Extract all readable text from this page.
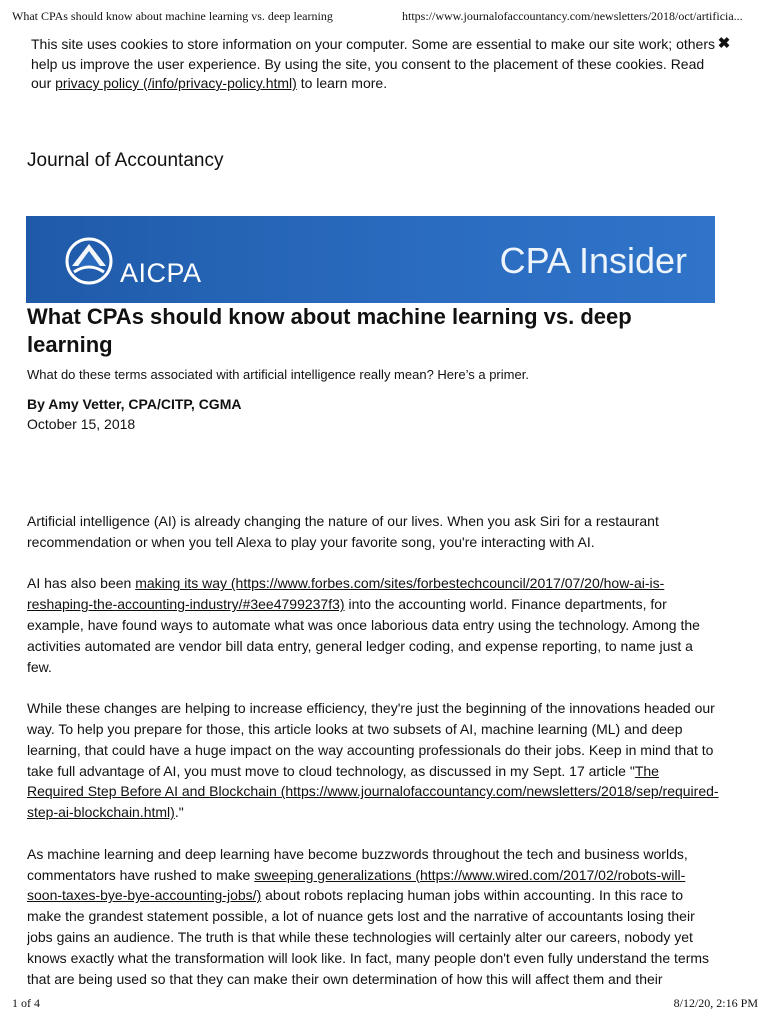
What CPAs should know about machine learning vs. deep learning	https://www.journalofaccountancy.com/newsletters/2018/oct/artificia...
This site uses cookies to store information on your computer. Some are essential to make our site work; others help us improve the user experience. By using the site, you consent to the placement of these cookies. Read our privacy policy (/info/privacy-policy.html) to learn more.
✖
Journal of Accountancy
AICPA	CPA Insider
What CPAs should know about machine learning vs. deep learning
What do these terms associated with artificial intelligence really mean? Here’s a primer.
By Amy Vetter, CPA/CITP, CGMA
October 15, 2018

Artificial intelligence (AI) is already changing the nature of our lives. When you ask Siri for a restaurant recommendation or when you tell Alexa to play your favorite song, you're interacting with AI.

AI has also been making its way (https://www.forbes.com/sites/forbestechcouncil/2017/07/20/how-ai-is-reshaping-the-accounting-industry/#3ee4799237f3) into the accounting world. Finance departments, for example, have found ways to automate what was once laborious data entry using the technology. Among the activities automated are vendor bill data entry, general ledger coding, and expense reporting, to name just a few.

While these changes are helping to increase efficiency, they're just the beginning of the innovations headed our way. To help you prepare for those, this article looks at two subsets of AI, machine learning (ML) and deep learning, that could have a huge impact on the way accounting professionals do their jobs. Keep in mind that to take full advantage of AI, you must move to cloud technology, as discussed in my Sept. 17 article "The Required Step Before AI and Blockchain (https://www.journalofaccountancy.com/newsletters/2018/sep/required-step-ai-blockchain.html)."

As machine learning and deep learning have become buzzwords throughout the tech and business worlds, commentators have rushed to make sweeping generalizations (https://www.wired.com/2017/02/robots-will-soon-taxes-bye-bye-accounting-jobs/) about robots replacing human jobs within accounting. In this race to make the grandest statement possible, a lot of nuance gets lost and the narrative of accountants losing their jobs gains an audience. The truth is that while these technologies will certainly alter our careers, nobody yet knows exactly what the transformation will look like. In fact, many people don't even fully understand the terms that are being used so that they can make their own determination of how this will affect them and their

1 of 4	8/12/20, 2:16 PM
